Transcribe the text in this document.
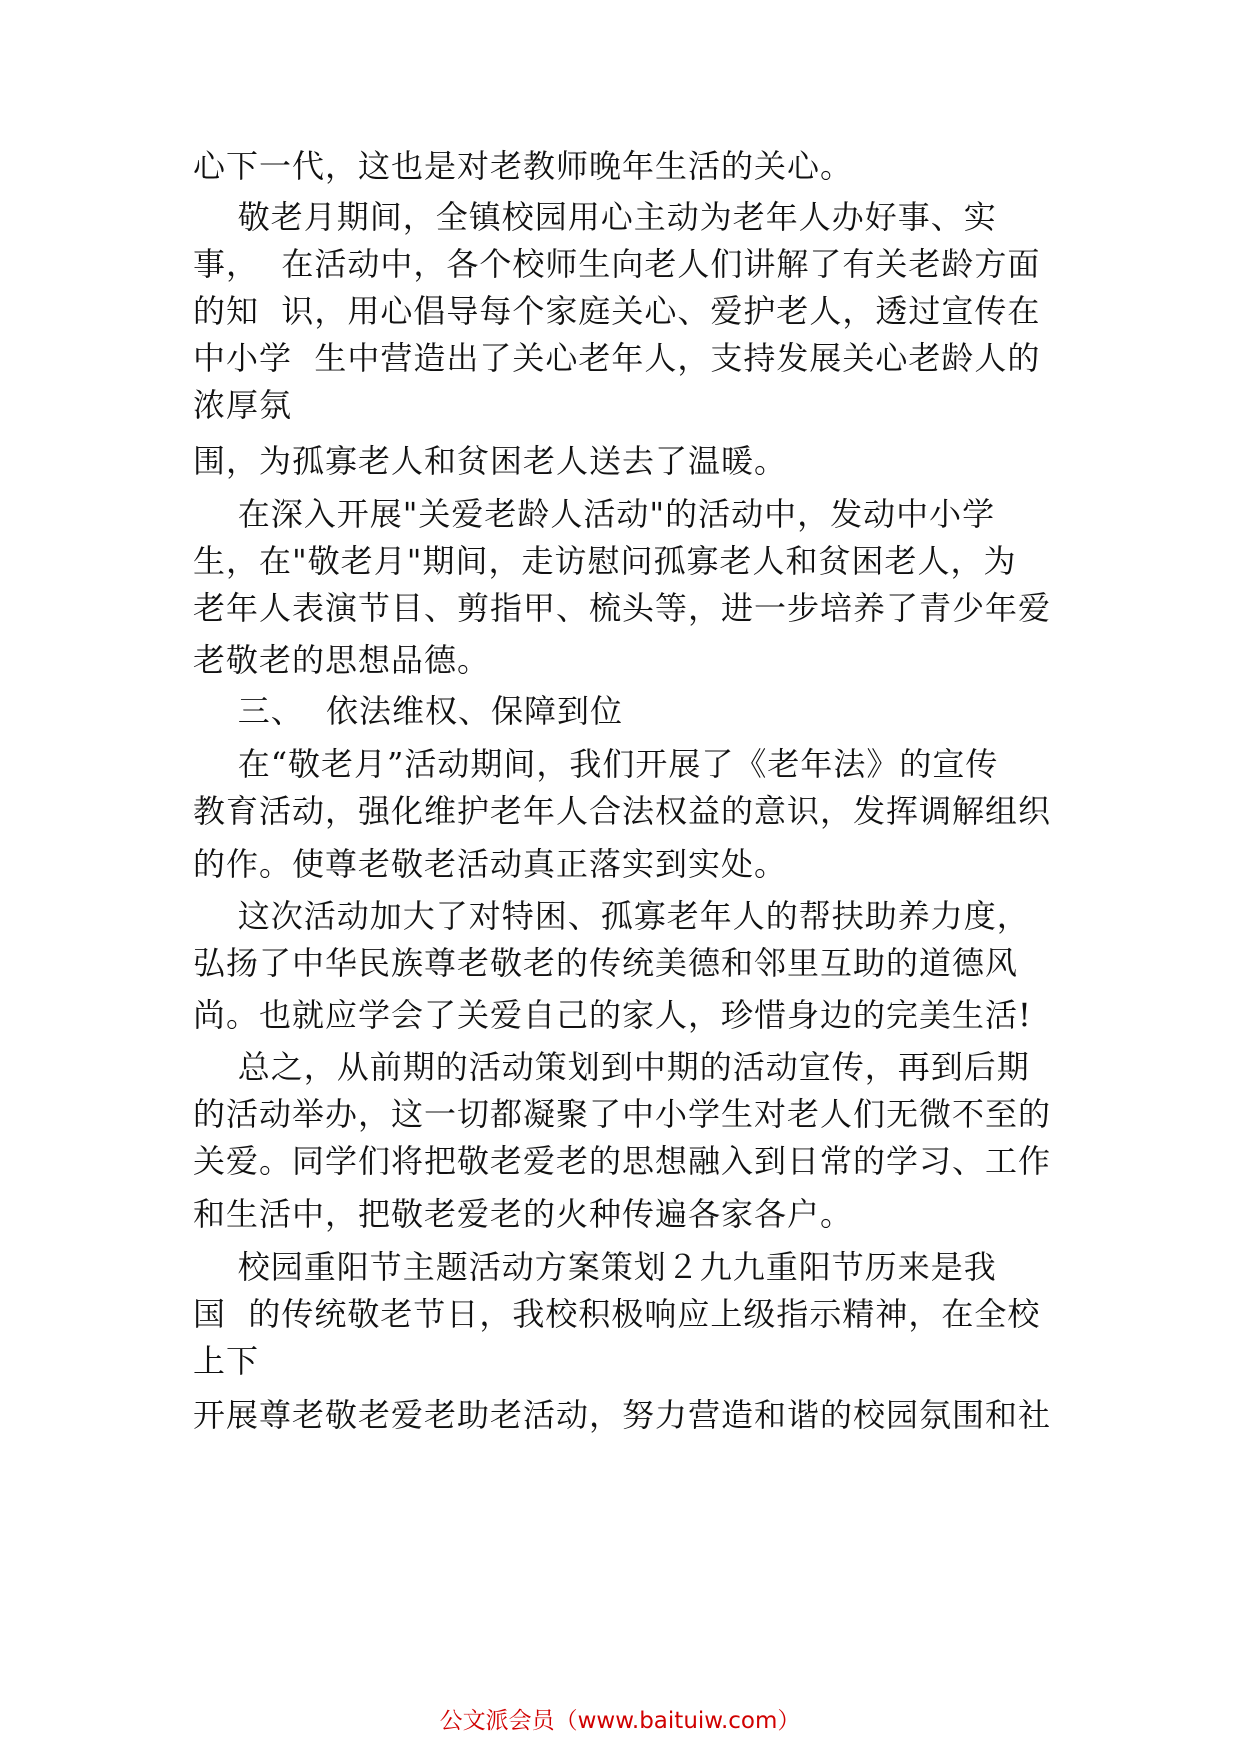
心下一代，这也是对老教师晚年生活的关心。
敬老月期间，全镇校园用心主动为老年人办好事、实
事，  在活动中，各个校师生向老人们讲解了有关老龄方面
的知  识，用心倡导每个家庭关心、爱护老人，透过宣传在
中小学  生中营造出了关心老年人，支持发展关心老龄人的
浓厚氛
围，为孤寡老人和贫困老人送去了温暖。
在深入开展"关爱老龄人活动"的活动中，发动中小学
生，在"敬老月"期间，走访慰问孤寡老人和贫困老人，为
老年人表演节目、剪指甲、梳头等，进一步培养了青少年爱
老敬老的思想品德。
三、  依法维权、保障到位
在“敬老月”活动期间，我们开展了《老年法》的宣传
教育活动，强化维护老年人合法权益的意识，发挥调解组织
的作。使尊老敬老活动真正落实到实处。
这次活动加大了对特困、孤寡老年人的帮扶助养力度，
弘扬了中华民族尊老敬老的传统美德和邻里互助的道德风
尚。也就应学会了关爱自己的家人，珍惜身边的完美生活!
总之，从前期的活动策划到中期的活动宣传，再到后期
的活动举办，这一切都凝聚了中小学生对老人们无微不至的
关爱。同学们将把敬老爱老的思想融入到日常的学习、工作
和生活中，把敬老爱老的火种传遍各家各户。
校园重阳节主题活动方案策划２九九重阳节历来是我
国  的传统敬老节日，我校积极响应上级指示精神，在全校
上下
开展尊老敬老爱老助老活动，努力营造和谐的校园氛围和社
公文派会员（www.baituiw.com）
